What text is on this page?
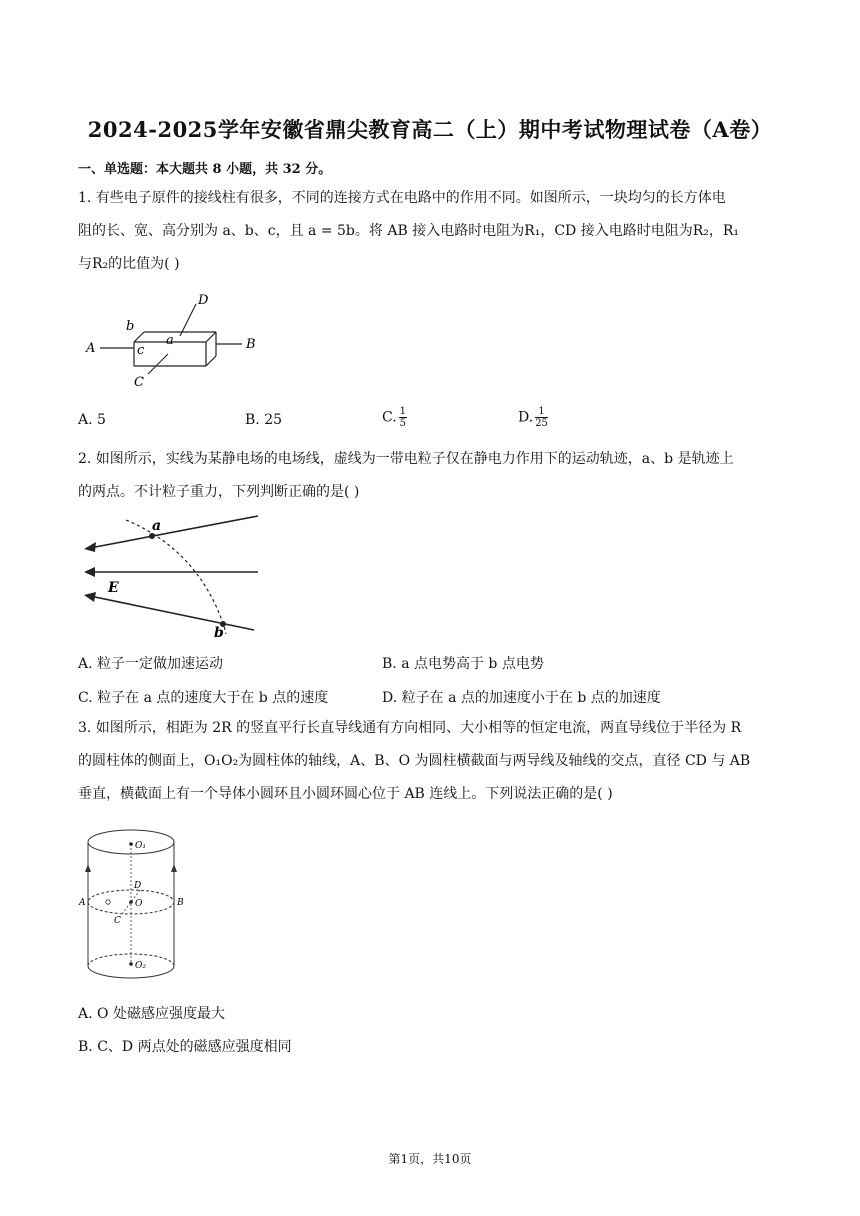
2024-2025学年安徽省鼎尖教育高二（上）期中考试物理试卷（A卷）
一、单选题：本大题共 8 小题，共 32 分。
1. 有些电子原件的接线柱有很多，不同的连接方式在电路中的作用不同。如图所示，一块均匀的长方体电
阻的长、宽、高分别为 a、b、c，且 a = 5b。将 AB 接入电路时电阻为R₁，CD 接入电路时电阻为R₂，R₁
与R₂的比值为( )
A	B
C
D
a
b
c
A. 5	B. 25	C. $\frac{1}{5}$	D. $\frac{1}{25}$
2. 如图所示，实线为某静电场的电场线，虚线为一带电粒子仅在静电力作用下的运动轨迹，a、b 是轨迹上
的两点。不计粒子重力，下列判断正确的是( )
a
b
E
A. 粒子一定做加速运动	B. a 点电势高于 b 点电势
C. 粒子在 a 点的速度大于在 b 点的速度	D. 粒子在 a 点的加速度小于在 b 点的加速度
3. 如图所示，相距为 2R 的竖直平行长直导线通有方向相同、大小相等的恒定电流，两直导线位于半径为 R
的圆柱体的侧面上，O₁O₂为圆柱体的轴线，A、B、O 为圆柱横截面与两导线及轴线的交点，直径 CD 与 AB
垂直，横截面上有一个导体小圆环且小圆环圆心位于 AB 连线上。下列说法正确的是( )
O₁
O
O₂
A	B
C
D
A. O 处磁感应强度最大
B. C、D 两点处的磁感应强度相同
第1页，共10页
